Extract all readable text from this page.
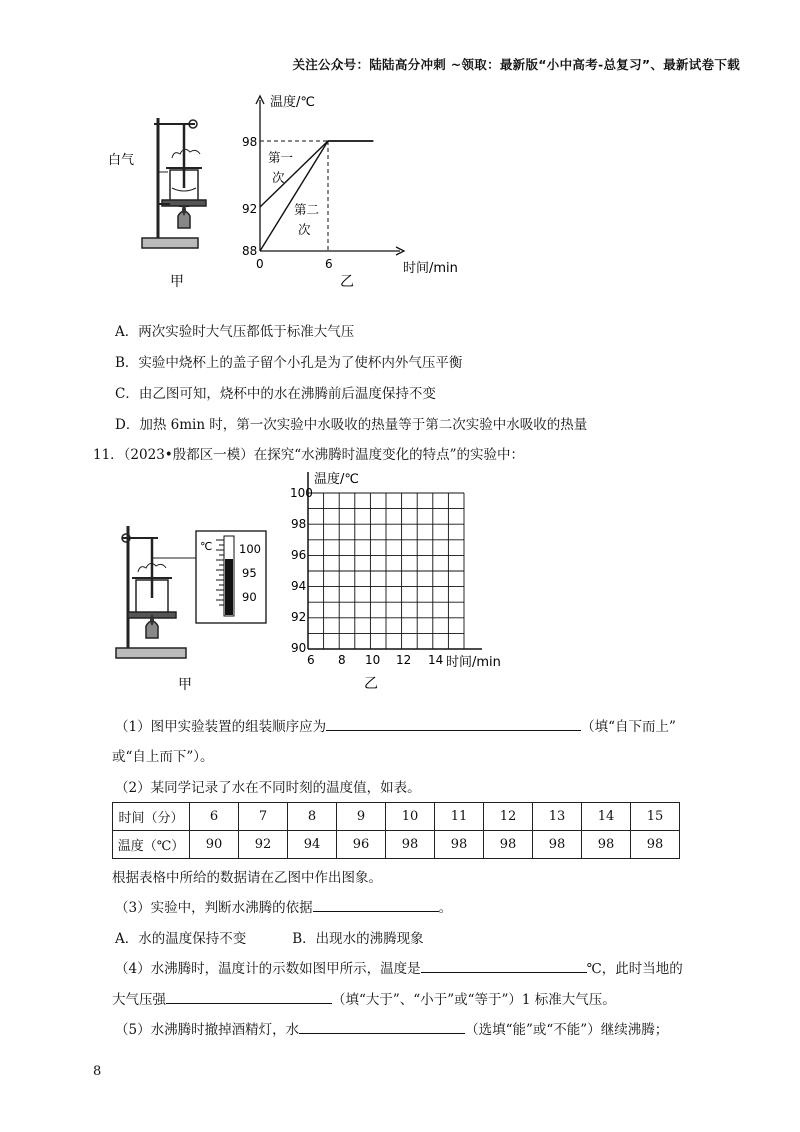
关注公众号：陆陆高分冲刺 ~领取：最新版“小中高考-总复习”、最新试卷下载
白气
甲
温度/℃
时间/min
98
92
88
0	6
第一
次
第二
次
乙
A．两次实验时大气压都低于标准大气压
B．实验中烧杯上的盖子留个小孔是为了使杯内外气压平衡
C．由乙图可知，烧杯中的水在沸腾前后温度保持不变
D．加热 6min 时，第一次实验中水吸收的热量等于第二次实验中水吸收的热量
11．（2023•殷都区一模）在探究“水沸腾时温度变化的特点”的实验中：
甲
℃ 100
95
90
温度/℃
时间/min
100
98
96
94
92
90
6 8 10 12 14
乙
（1）图甲实验装置的组装顺序应为	（填“自下而上”
或“自上而下”）。
（2）某同学记录了水在不同时刻的温度值，如表。
时间（分）	6	7	8	9	10	11	12	13	14	15
温度（℃）	90	92	94	96	98	98	98	98	98	98
根据表格中所给的数据请在乙图中作出图象。
（3）实验中，判断水沸腾的依据	。
A．水的温度保持不变	B．出现水的沸腾现象
（4）水沸腾时，温度计的示数如图甲所示，温度是	℃，此时当地的
大气压强	（填“大于”、“小于”或“等于”）1 标准大气压。
（5）水沸腾时撤掉酒精灯，水	（选填“能”或“不能”）继续沸腾；
8
